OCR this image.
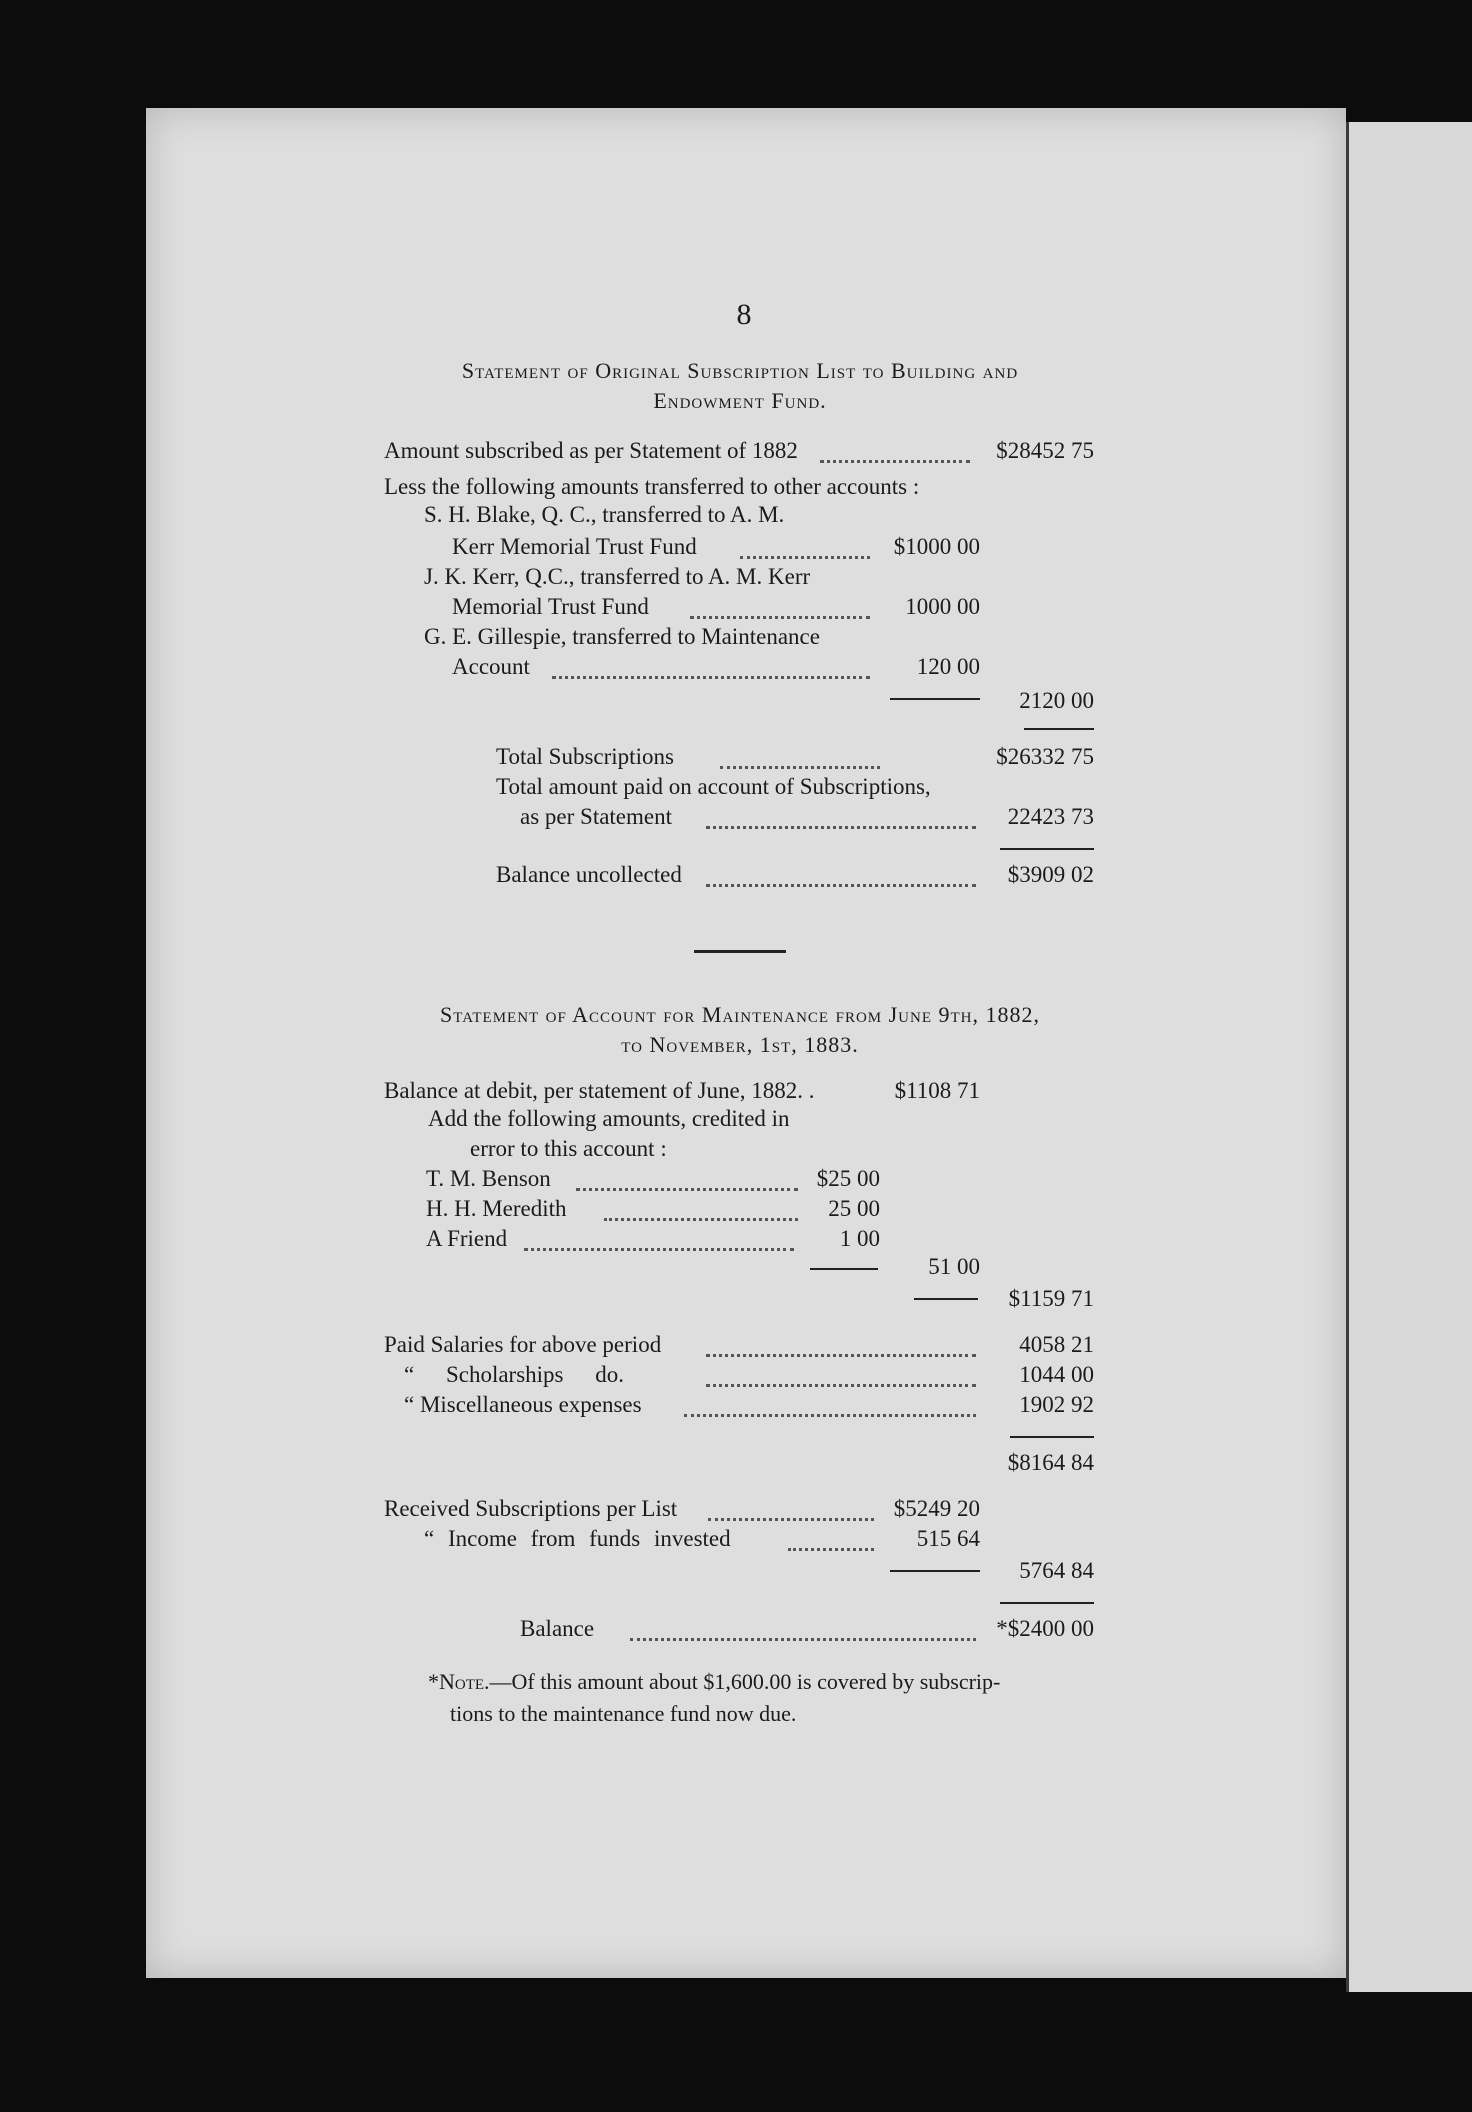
8
Statement of Original Subscription List to Building and
Endowment Fund.
Amount subscribed as per Statement of 1882	$28452 75
Less the following amounts transferred to other accounts :
S. H. Blake, Q. C., transferred to A. M.
Kerr Memorial Trust Fund	$1000 00
J. K. Kerr, Q.C., transferred to A. M. Kerr
Memorial Trust Fund	1000 00
G. E. Gillespie, transferred to Maintenance
Account	120 00
2120 00
Total Subscriptions	$26332 75
Total amount paid on account of Subscriptions,
as per Statement	22423 73
Balance uncollected	$3909 02
Statement of Account for Maintenance from June 9th, 1882,
to November, 1st, 1883.
Balance at debit, per statement of June, 1882. .	$1108 71
Add the following amounts, credited in
error to this account :
T. M. Benson	$25 00
H. H. Meredith	25 00
A Friend	1 00
51 00
$1159 71
Paid Salaries for above period	4058 21
“ Scholarships do.	1044 00
“ Miscellaneous expenses	1902 92
$8164 84
Received Subscriptions per List	$5249 20
“ Income from funds invested	515 64
5764 84
Balance	*$2400 00
*Note.—Of this amount about $1,600.00 is covered by subscrip-
tions to the maintenance fund now due.
